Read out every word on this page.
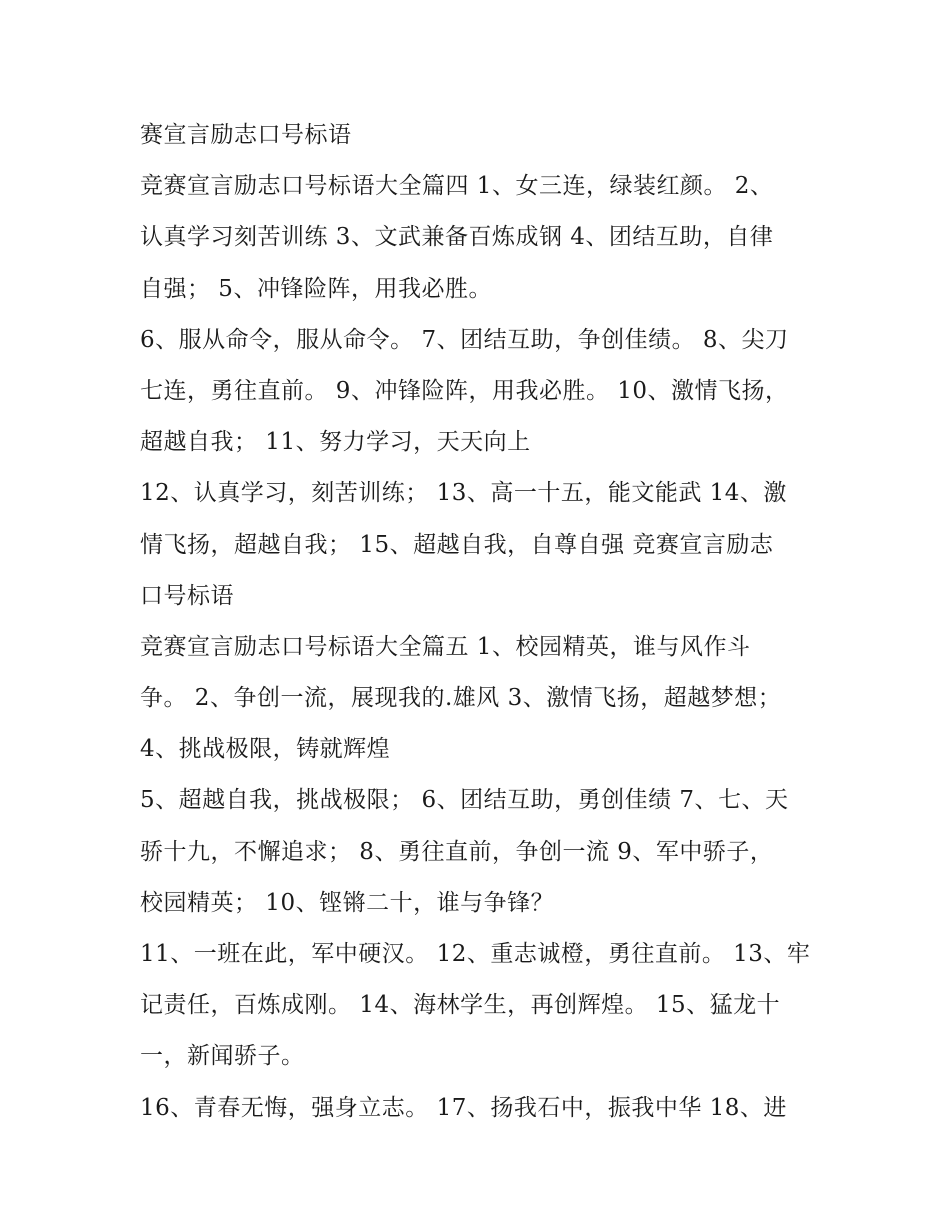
赛宣言励志口号标语
竞赛宣言励志口号标语大全篇四 1、女三连，绿装红颜。 2、
认真学习刻苦训练 3、文武兼备百炼成钢 4、团结互助，自律
自强； 5、冲锋险阵，用我必胜。
6、服从命令，服从命令。 7、团结互助，争创佳绩。 8、尖刀
七连，勇往直前。 9、冲锋险阵，用我必胜。 10、激情飞扬，
超越自我； 11、努力学习，天天向上
12、认真学习，刻苦训练； 13、高一十五，能文能武 14、激
情飞扬，超越自我； 15、超越自我，自尊自强 竞赛宣言励志
口号标语
竞赛宣言励志口号标语大全篇五 1、校园精英，谁与风作斗
争。 2、争创一流，展现我的.雄风 3、激情飞扬，超越梦想；
4、挑战极限，铸就辉煌
5、超越自我，挑战极限； 6、团结互助，勇创佳绩 7、七、天
骄十九，不懈追求； 8、勇往直前，争创一流 9、军中骄子，
校园精英； 10、铿锵二十，谁与争锋？
11、一班在此，军中硬汉。 12、重志诚橙，勇往直前。 13、牢
记责任，百炼成刚。 14、海林学生，再创辉煌。 15、猛龙十
一，新闻骄子。
16、青春无悔，强身立志。 17、扬我石中，振我中华 18、进
